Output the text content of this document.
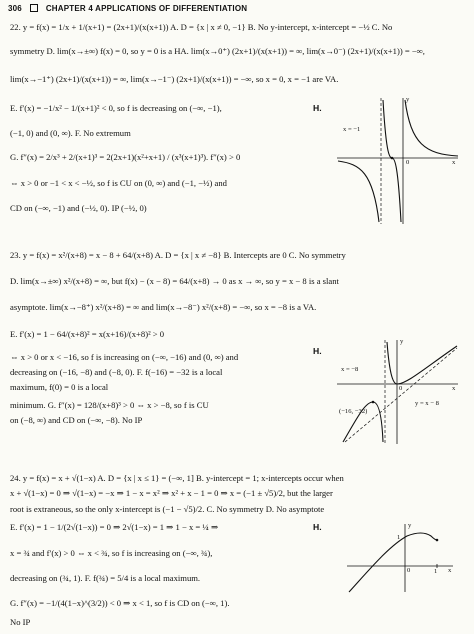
306	CHAPTER 4 APPLICATIONS OF DIFFERENTIATION
22. y = f(x) = 1/x + 1/(x+1) = (2x+1)/(x(x+1)) A. D = {x | x ≠ 0, −1} B. No y-intercept, x-intercept = −½ C. No
symmetry D. lim(x→±∞) f(x) = 0, so y = 0 is a HA. lim(x→0⁺) (2x+1)/(x(x+1)) = ∞, lim(x→0⁻) (2x+1)/(x(x+1)) = −∞,
lim(x→−1⁺) (2x+1)/(x(x+1)) = ∞, lim(x→−1⁻) (2x+1)/(x(x+1)) = −∞, so x = 0, x = −1 are VA.
E. f′(x) = −1/x² − 1/(x+1)² < 0, so f is decreasing on (−∞, −1),
(−1, 0) and (0, ∞). F. No extremum
G. f″(x) = 2/x³ + 2/(x+1)³ = 2(2x+1)(x²+x+1) / (x³(x+1)³). f″(x) > 0
⇔ x > 0 or −1 < x < −½, so f is CU on (0, ∞) and (−1, −½) and
CD on (−∞, −1) and (−½, 0). IP (−½, 0)
H.
x = −1
0	x
y
23. y = f(x) = x²/(x+8) = x − 8 + 64/(x+8) A. D = {x | x ≠ −8} B. Intercepts are 0 C. No symmetry
D. lim(x→±∞) x²/(x+8) = ∞, but f(x) − (x − 8) = 64/(x+8) → 0 as x → ∞, so y = x − 8 is a slant
asymptote. lim(x→−8⁺) x²/(x+8) = ∞ and lim(x→−8⁻) x²/(x+8) = −∞, so x = −8 is a VA.
E. f′(x) = 1 − 64/(x+8)² = x(x+16)/(x+8)² > 0
⇔ x > 0 or x < −16, so f is increasing on (−∞, −16) and (0, ∞) and
decreasing on (−16, −8) and (−8, 0). F. f(−16) = −32 is a local
maximum, f(0) = 0 is a local
minimum. G. f″(x) = 128/(x+8)³ > 0 ⇔ x > −8, so f is CU
on (−8, ∞) and CD on (−∞, −8). No IP
H.
x = −8
(−16, −32)
y = x − 8
0	x
y
24. y = f(x) = x + √(1−x) A. D = {x | x ≤ 1} = (−∞, 1] B. y-intercept = 1; x-intercepts occur when
x + √(1−x) = 0 ⇒ √(1−x) = −x ⇒ 1 − x = x² ⇒ x² + x − 1 = 0 ⇒ x = (−1 ± √5)/2, but the larger
root is extraneous, so the only x-intercept is (−1 − √5)/2. C. No symmetry D. No asymptote
E. f′(x) = 1 − 1/(2√(1−x)) = 0 ⇒ 2√(1−x) = 1 ⇒ 1 − x = ¼ ⇒
x = ¾ and f′(x) > 0 ⇔ x < ¾, so f is increasing on (−∞, ¾),
decreasing on (¾, 1). F. f(¾) = 5/4 is a local maximum.
G. f″(x) = −1/(4(1−x)^(3/2)) < 0 ⇒ x < 1, so f is CD on (−∞, 1).
No IP
H.
1
0	1 x
y
